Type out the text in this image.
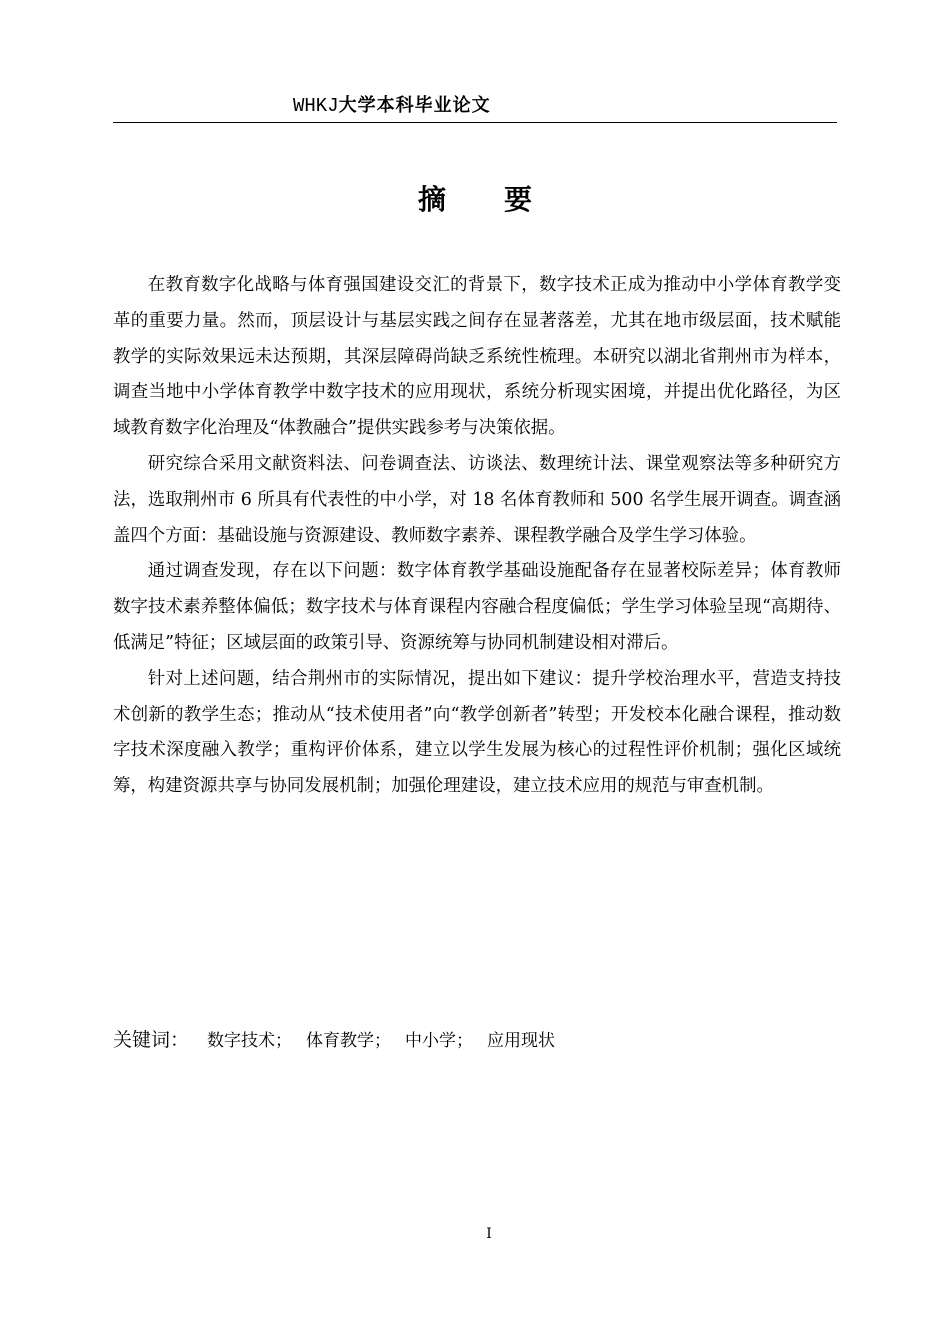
WHKJ大学本科毕业论文
摘 要

在教育数字化战略与体育强国建设交汇的背景下，数字技术正成为推动中小学体育教学变革的重要力量。然而，顶层设计与基层实践之间存在显著落差，尤其在地市级层面，技术赋能教学的实际效果远未达预期，其深层障碍尚缺乏系统性梳理。本研究以湖北省荆州市为样本，调查当地中小学体育教学中数字技术的应用现状，系统分析现实困境，并提出优化路径，为区域教育数字化治理及“体教融合”提供实践参考与决策依据。

研究综合采用文献资料法、问卷调查法、访谈法、数理统计法、课堂观察法等多种研究方法，选取荆州市 6 所具有代表性的中小学，对 18 名体育教师和 500 名学生展开调查。调查涵盖四个方面：基础设施与资源建设、教师数字素养、课程教学融合及学生学习体验。

通过调查发现，存在以下问题：数字体育教学基础设施配备存在显著校际差异；体育教师数字技术素养整体偏低；数字技术与体育课程内容融合程度偏低；学生学习体验呈现“高期待、低满足”特征；区域层面的政策引导、资源统筹与协同机制建设相对滞后。

针对上述问题，结合荆州市的实际情况，提出如下建议：提升学校治理水平，营造支持技术创新的教学生态；推动从“技术使用者”向“教学创新者”转型；开发校本化融合课程，推动数字技术深度融入教学；重构评价体系，建立以学生发展为核心的过程性评价机制；强化区域统筹，构建资源共享与协同发展机制；加强伦理建设，建立技术应用的规范与审查机制。

关键词： 数字技术； 体育教学； 中小学； 应用现状
I
